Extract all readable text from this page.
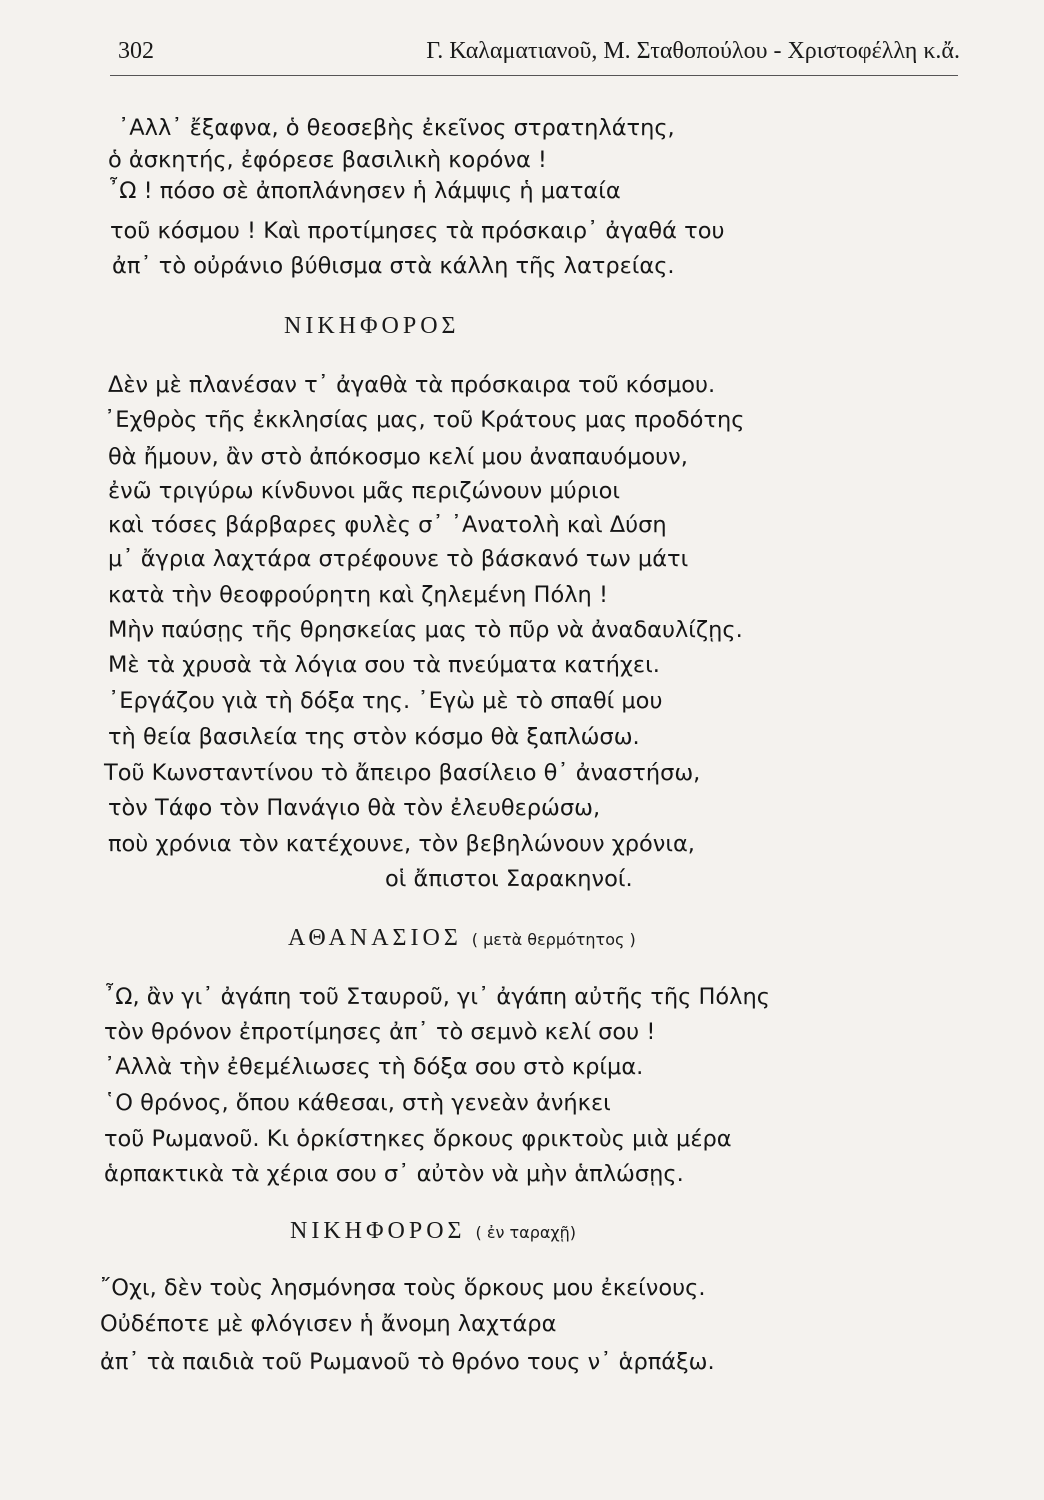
302	Γ. Καλαματιανοῦ, Μ. Σταθοπούλου - Χριστοφέλλη κ.ἄ.
᾿Αλλ᾿ ἔξαφνα, ὁ θεοσεβὴς ἐκεῖνος στρατηλάτης,
ὁ ἀσκητής, ἐφόρεσε βασιλικὴ κορόνα !
῏Ω ! πόσο σὲ ἀποπλάνησεν ἡ λάμψις ἡ ματαία
τοῦ κόσμου ! Καὶ προτίμησες τὰ πρόσκαιρ᾿ ἀγαθά του
ἀπ᾿ τὸ οὐράνιο βύθισμα στὰ κάλλη τῆς λατρείας.
ΝΙΚΗΦΟΡΟΣ
Δὲν μὲ πλανέσαν τ᾿ ἀγαθὰ τὰ πρόσκαιρα τοῦ κόσμου.
᾿Εχθρὸς τῆς ἐκκλησίας μας, τοῦ Κράτους μας προδότης
θὰ ἤμουν, ἂν στὸ ἀπόκοσμο κελί μου ἀναπαυόμουν,
ἐνῶ τριγύρω κίνδυνοι μᾶς περιζώνουν μύριοι
καὶ τόσες βάρβαρες φυλὲς σ᾿ ᾿Ανατολὴ καὶ Δύση
μ᾿ ἄγρια λαχτάρα στρέφουνε τὸ βάσκανό των μάτι
κατὰ τὴν θεοφρούρητη καὶ ζηλεμένη Πόλη !
Μὴν παύσῃς τῆς θρησκείας μας τὸ πῦρ νὰ ἀναδαυλίζῃς.
Μὲ τὰ χρυσὰ τὰ λόγια σου τὰ πνεύματα κατήχει.
᾿Εργάζου γιὰ τὴ δόξα της. ᾿Εγὼ μὲ τὸ σπαθί μου
τὴ θεία βασιλεία της στὸν κόσμο θὰ ξαπλώσω.
Τοῦ Κωνσταντίνου τὸ ἄπειρο βασίλειο θ᾿ ἀναστήσω,
τὸν Τάφο τὸν Πανάγιο θὰ τὸν ἐλευθερώσω,
ποὺ χρόνια τὸν κατέχουνε, τὸν βεβηλώνουν χρόνια,
οἱ ἄπιστοι Σαρακηνοί.
ΑΘΑΝΑΣΙΟΣ ( μετὰ θερμότητος )
῏Ω, ἂν γι᾿ ἀγάπη τοῦ Σταυροῦ, γι᾿ ἀγάπη αὐτῆς τῆς Πόλης
τὸν θρόνον ἐπροτίμησες ἀπ᾿ τὸ σεμνὸ κελί σου !
᾿Αλλὰ τὴν ἐθεμέλιωσες τὴ δόξα σου στὸ κρίμα.
῾Ο θρόνος, ὅπου κάθεσαι, στὴ γενεὰν ἀνήκει
τοῦ Ρωμανοῦ. Κι ὁρκίστηκες ὅρκους φρικτοὺς μιὰ μέρα
ἁρπακτικὰ τὰ χέρια σου σ᾿ αὐτὸν νὰ μὴν ἁπλώσῃς.
ΝΙΚΗΦΟΡΟΣ ( ἐν ταραχῇ)
῎Οχι, δὲν τοὺς λησμόνησα τοὺς ὅρκους μου ἐκείνους.
Οὐδέποτε μὲ φλόγισεν ἡ ἄνομη λαχτάρα
ἀπ᾿ τὰ παιδιὰ τοῦ Ρωμανοῦ τὸ θρόνο τους ν᾿ ἁρπάξω.
